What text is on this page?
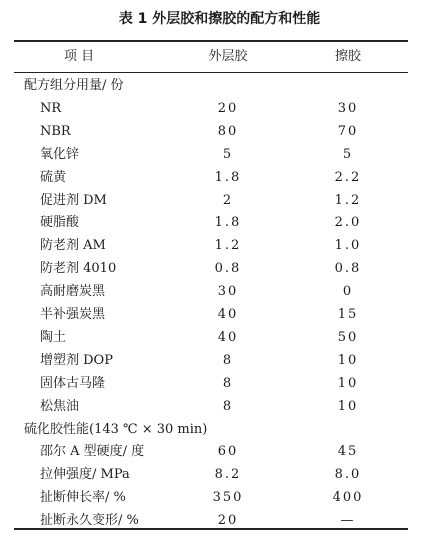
表 1 外层胶和擦胶的配方和性能
项 目	外层胶	擦胶
配方组分用量/ 份
NR	20	30
NBR	80	70
氧化锌	5	5
硫黄	1.8	2.2
促进剂 DM	2	1.2
硬脂酸	1.8	2.0
防老剂 AM	1.2	1.0
防老剂 4010	0.8	0.8
高耐磨炭黑	30	0
半补强炭黑	40	15
陶土	40	50
增塑剂 DOP	8	10
固体古马隆	8	10
松焦油	8	10
硫化胶性能(143 ℃ × 30 min)
邵尔 A 型硬度/ 度	60	45
拉伸强度/ MPa	8.2	8.0
扯断伸长率/ %	350	400
扯断永久变形/ %	20	—
